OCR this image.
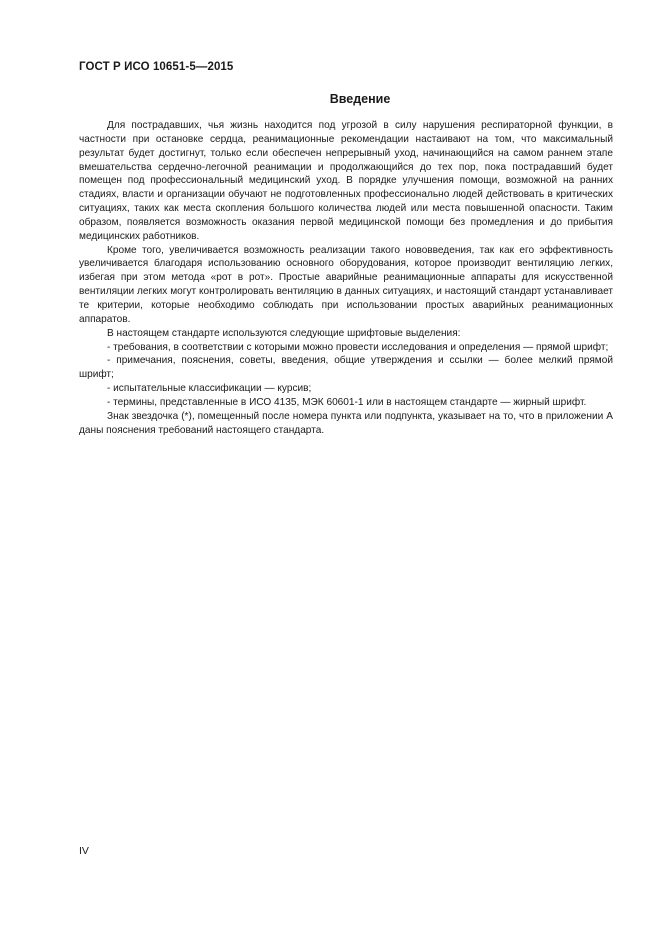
ГОСТ Р ИСО 10651-5—2015
Введение

Для пострадавших, чья жизнь находится под угрозой в силу нарушения респираторной функции, в частности при остановке сердца, реанимационные рекомендации настаивают на том, что максимальный результат будет достигнут, только если обеспечен непрерывный уход, начинающийся на самом раннем этапе вмешательства сердечно-легочной реанимации и продолжающийся до тех пор, пока пострадавший будет помещен под профессиональный медицинский уход. В порядке улучшения помощи, возможной на ранних стадиях, власти и организации обучают не подготовленных профессионально людей действовать в критических ситуациях, таких как места скопления большого количества людей или места повышенной опасности. Таким образом, появляется возможность оказания первой медицинской помощи без промедления и до прибытия медицинских работников.

Кроме того, увеличивается возможность реализации такого нововведения, так как его эффективность увеличивается благодаря использованию основного оборудования, которое производит вентиляцию легких, избегая при этом метода «рот в рот». Простые аварийные реанимационные аппараты для искусственной вентиляции легких могут контролировать вентиляцию в данных ситуациях, и настоящий стандарт устанавливает те критерии, которые необходимо соблюдать при использовании простых аварийных реанимационных аппаратов.

В настоящем стандарте используются следующие шрифтовые выделения:

- требования, в соответствии с которыми можно провести исследования и определения — прямой шрифт;

- примечания, пояснения, советы, введения, общие утверждения и ссылки — более мелкий прямой шрифт;

- испытательные классификации — курсив;

- термины, представленные в ИСО 4135, МЭК 60601-1 или в настоящем стандарте — жирный шрифт.

Знак звездочка (*), помещенный после номера пункта или подпункта, указывает на то, что в приложении А даны пояснения требований настоящего стандарта.

IV
